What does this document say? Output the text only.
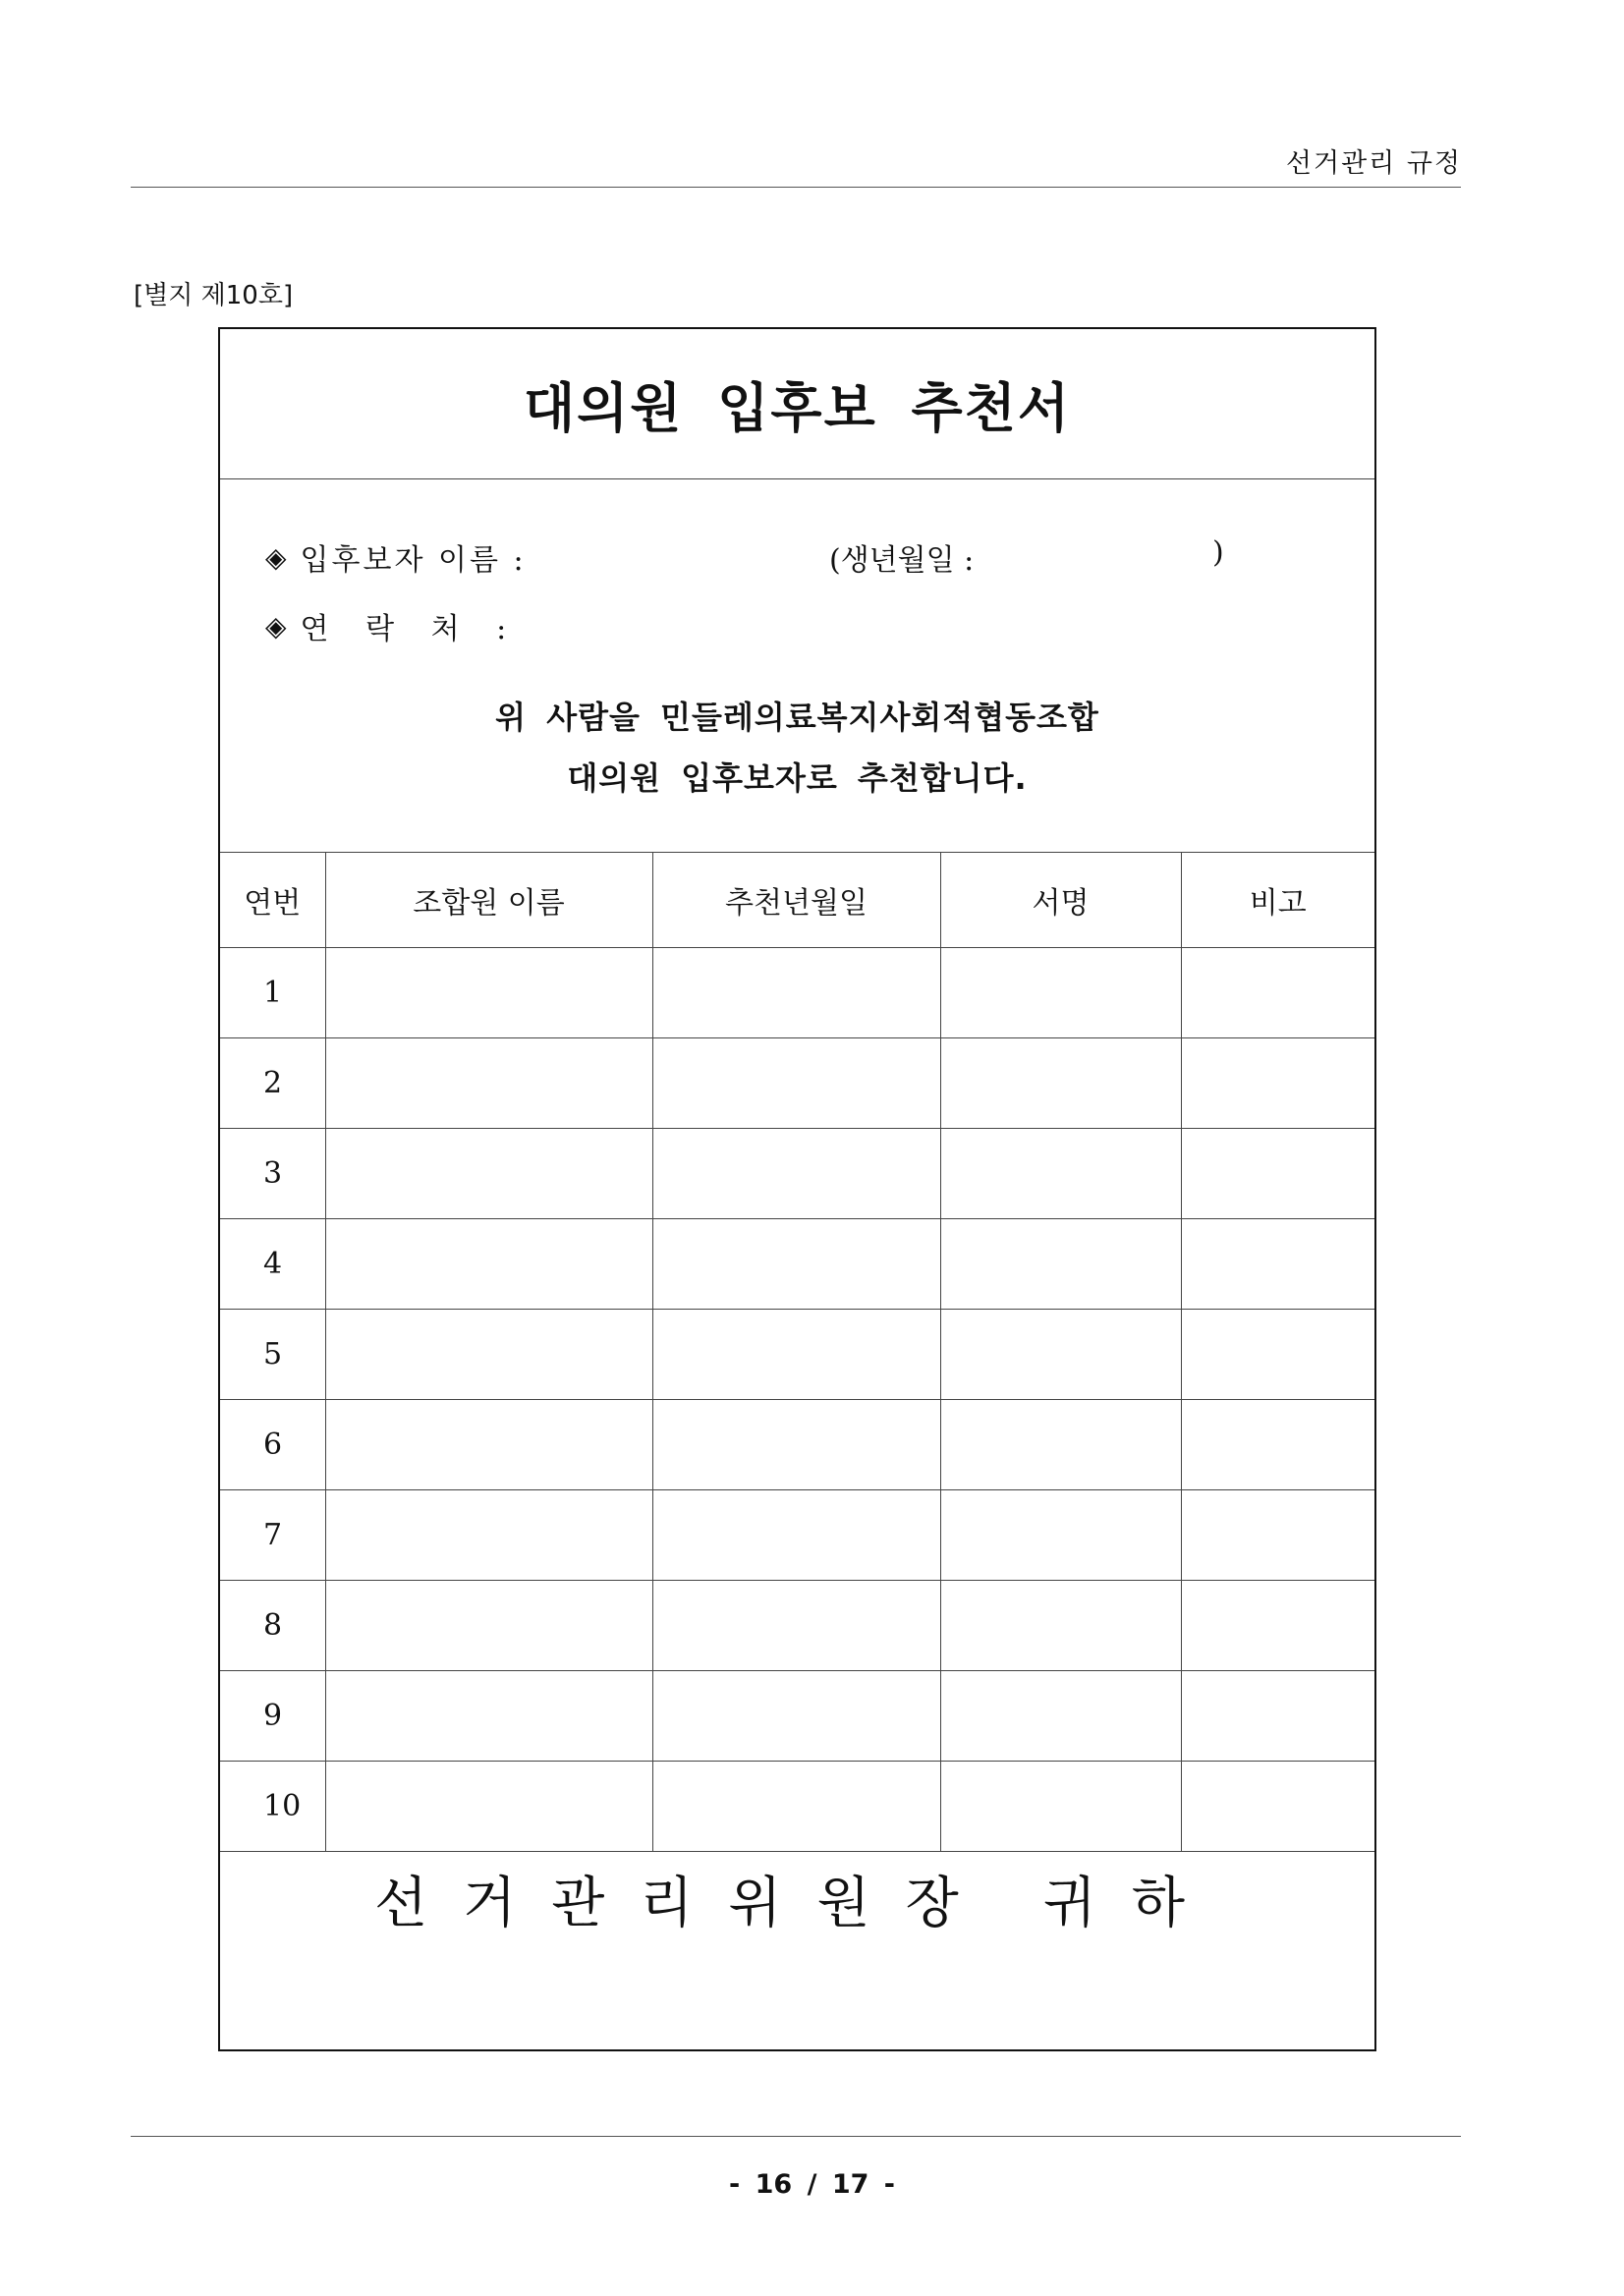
선거관리 규정
[별지 제10호]
대의원 입후보 추천서
◈ 입후보자 이름 :	(생년월일 :	)
◈ 연 락 처 :
위 사람을 민들레의료복지사회적협동조합
대의원 입후보자로 추천합니다.
연번	조합원 이름	추천년월일	서명	비고
1				
2				
3				
4				
5				
6				
7				
8				
9				
10				
선거관리위원장 귀하
- 16 / 17 -
